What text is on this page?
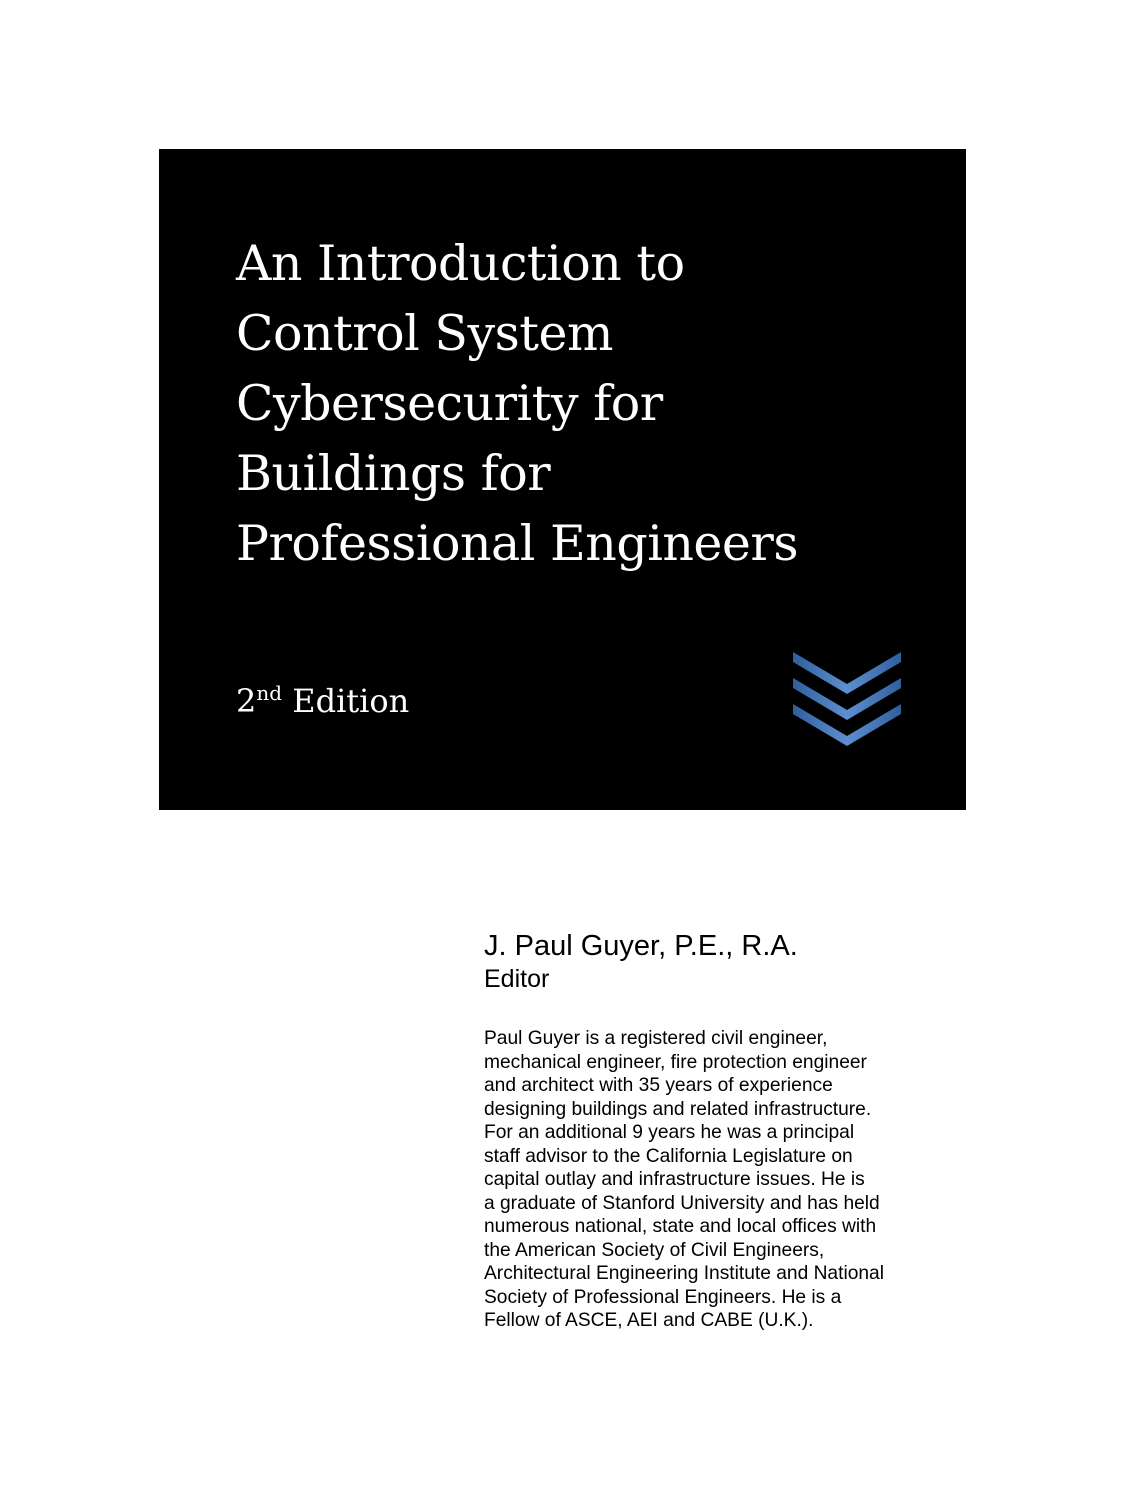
An Introduction to
Control System
Cybersecurity for
Buildings for
Professional Engineers
2nd Edition
J. Paul Guyer, P.E., R.A.
Editor
Paul Guyer is a registered civil engineer,
mechanical engineer, fire protection engineer
and architect with 35 years of experience
designing buildings and related infrastructure.
For an additional 9 years he was a principal
staff advisor to the California Legislature on
capital outlay and infrastructure issues. He is
a graduate of Stanford University and has held
numerous national, state and local offices with
the American Society of Civil Engineers,
Architectural Engineering Institute and National
Society of Professional Engineers. He is a
Fellow of ASCE, AEI and CABE (U.K.).
